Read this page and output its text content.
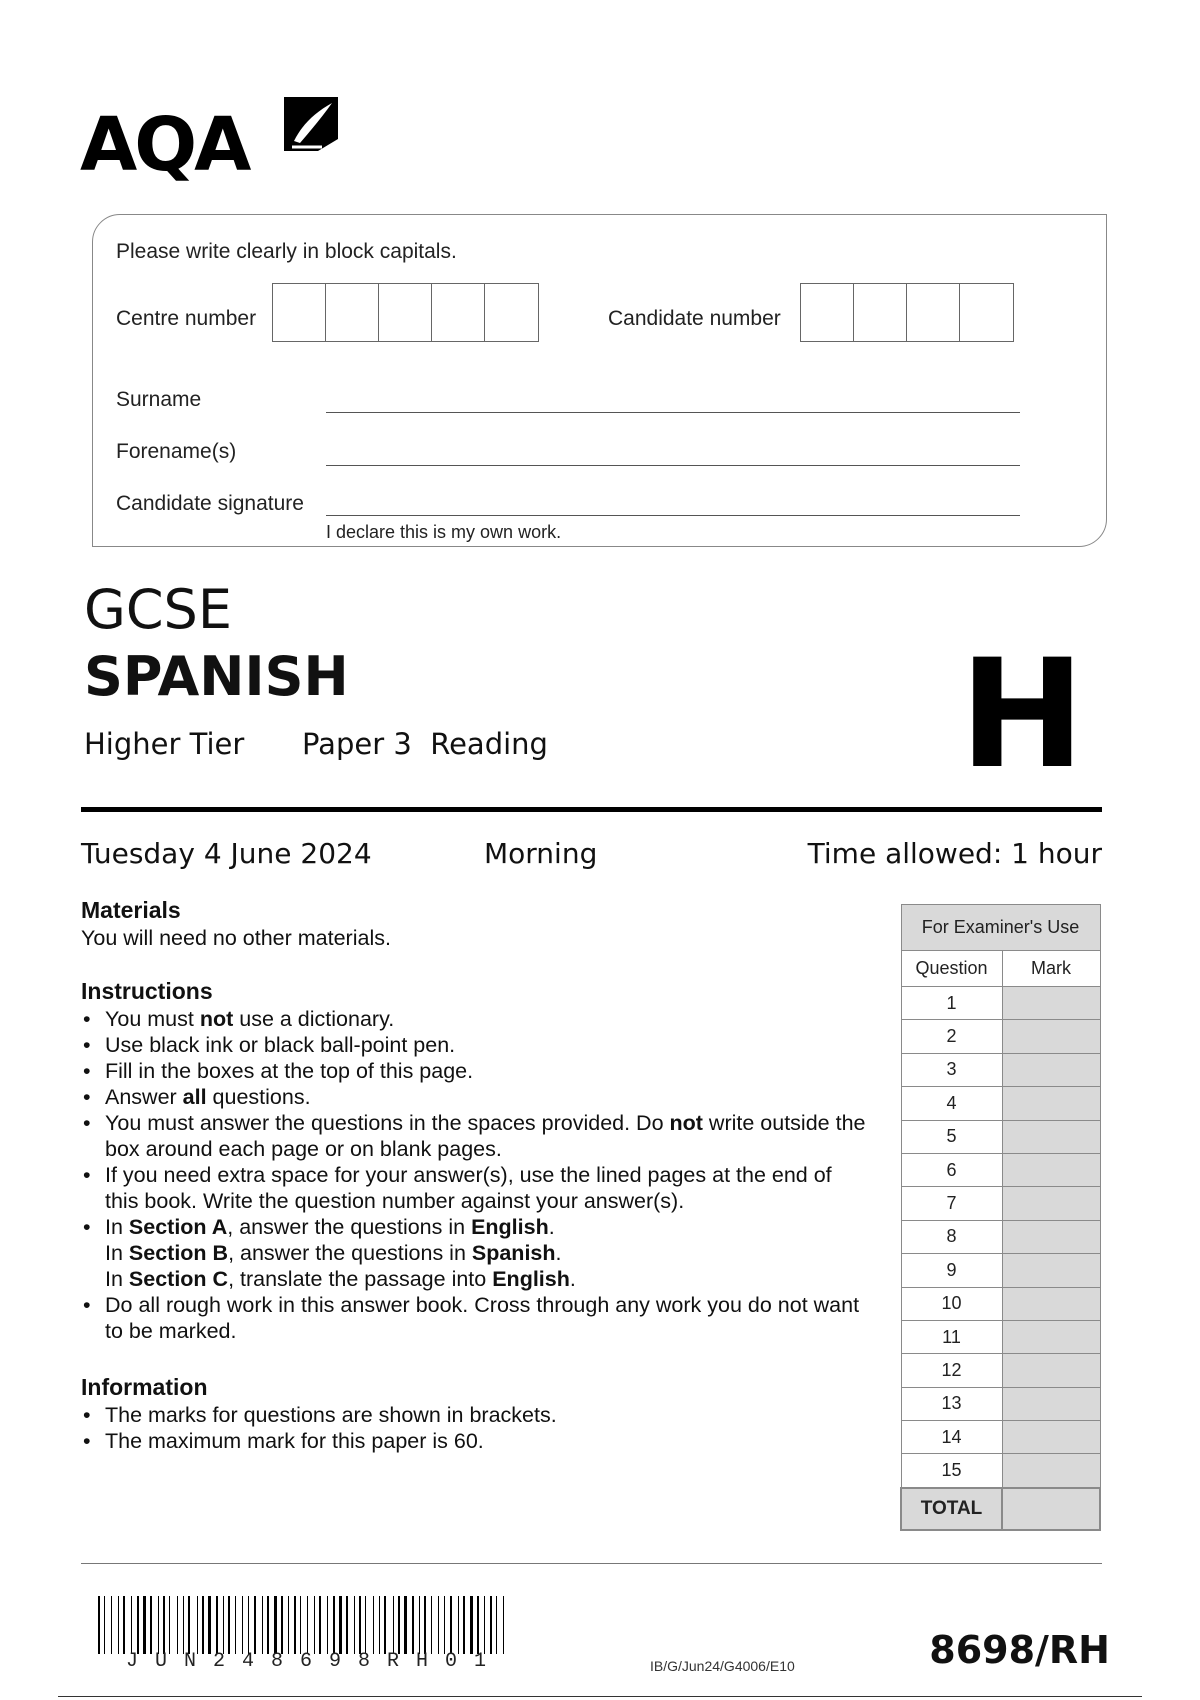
AQA
Please write clearly in block capitals.
Centre number	Candidate number
Surname
Forename(s)
Candidate signature
I declare this is my own work.
GCSE
SPANISH
Higher Tier Paper 3  Reading	H
Tuesday 4 June 2024	Morning	Time allowed: 1 hour
Materials
You will need no other materials.
Instructions
• You must not use a dictionary.
• Use black ink or black ball-point pen.
• Fill in the boxes at the top of this page.
• Answer all questions.
• You must answer the questions in the spaces provided. Do not write outside the box around each page or on blank pages.
• If you need extra space for your answer(s), use the lined pages at the end of this book. Write the question number against your answer(s).
• In Section A, answer the questions in English.
In Section B, answer the questions in Spanish.
In Section C, translate the passage into English.
• Do all rough work in this answer book. Cross through any work you do not want to be marked.
Information
• The marks for questions are shown in brackets.
• The maximum mark for this paper is 60.
For Examiner's Use	
Question	Mark
1	
2	
3	
4	
5	
6	
7	
8	
9	
10	
11	
12	
13	
14	
15	
TOTAL	
JUN248698RH01	IB/G/Jun24/G4006/E10	8698/RH
